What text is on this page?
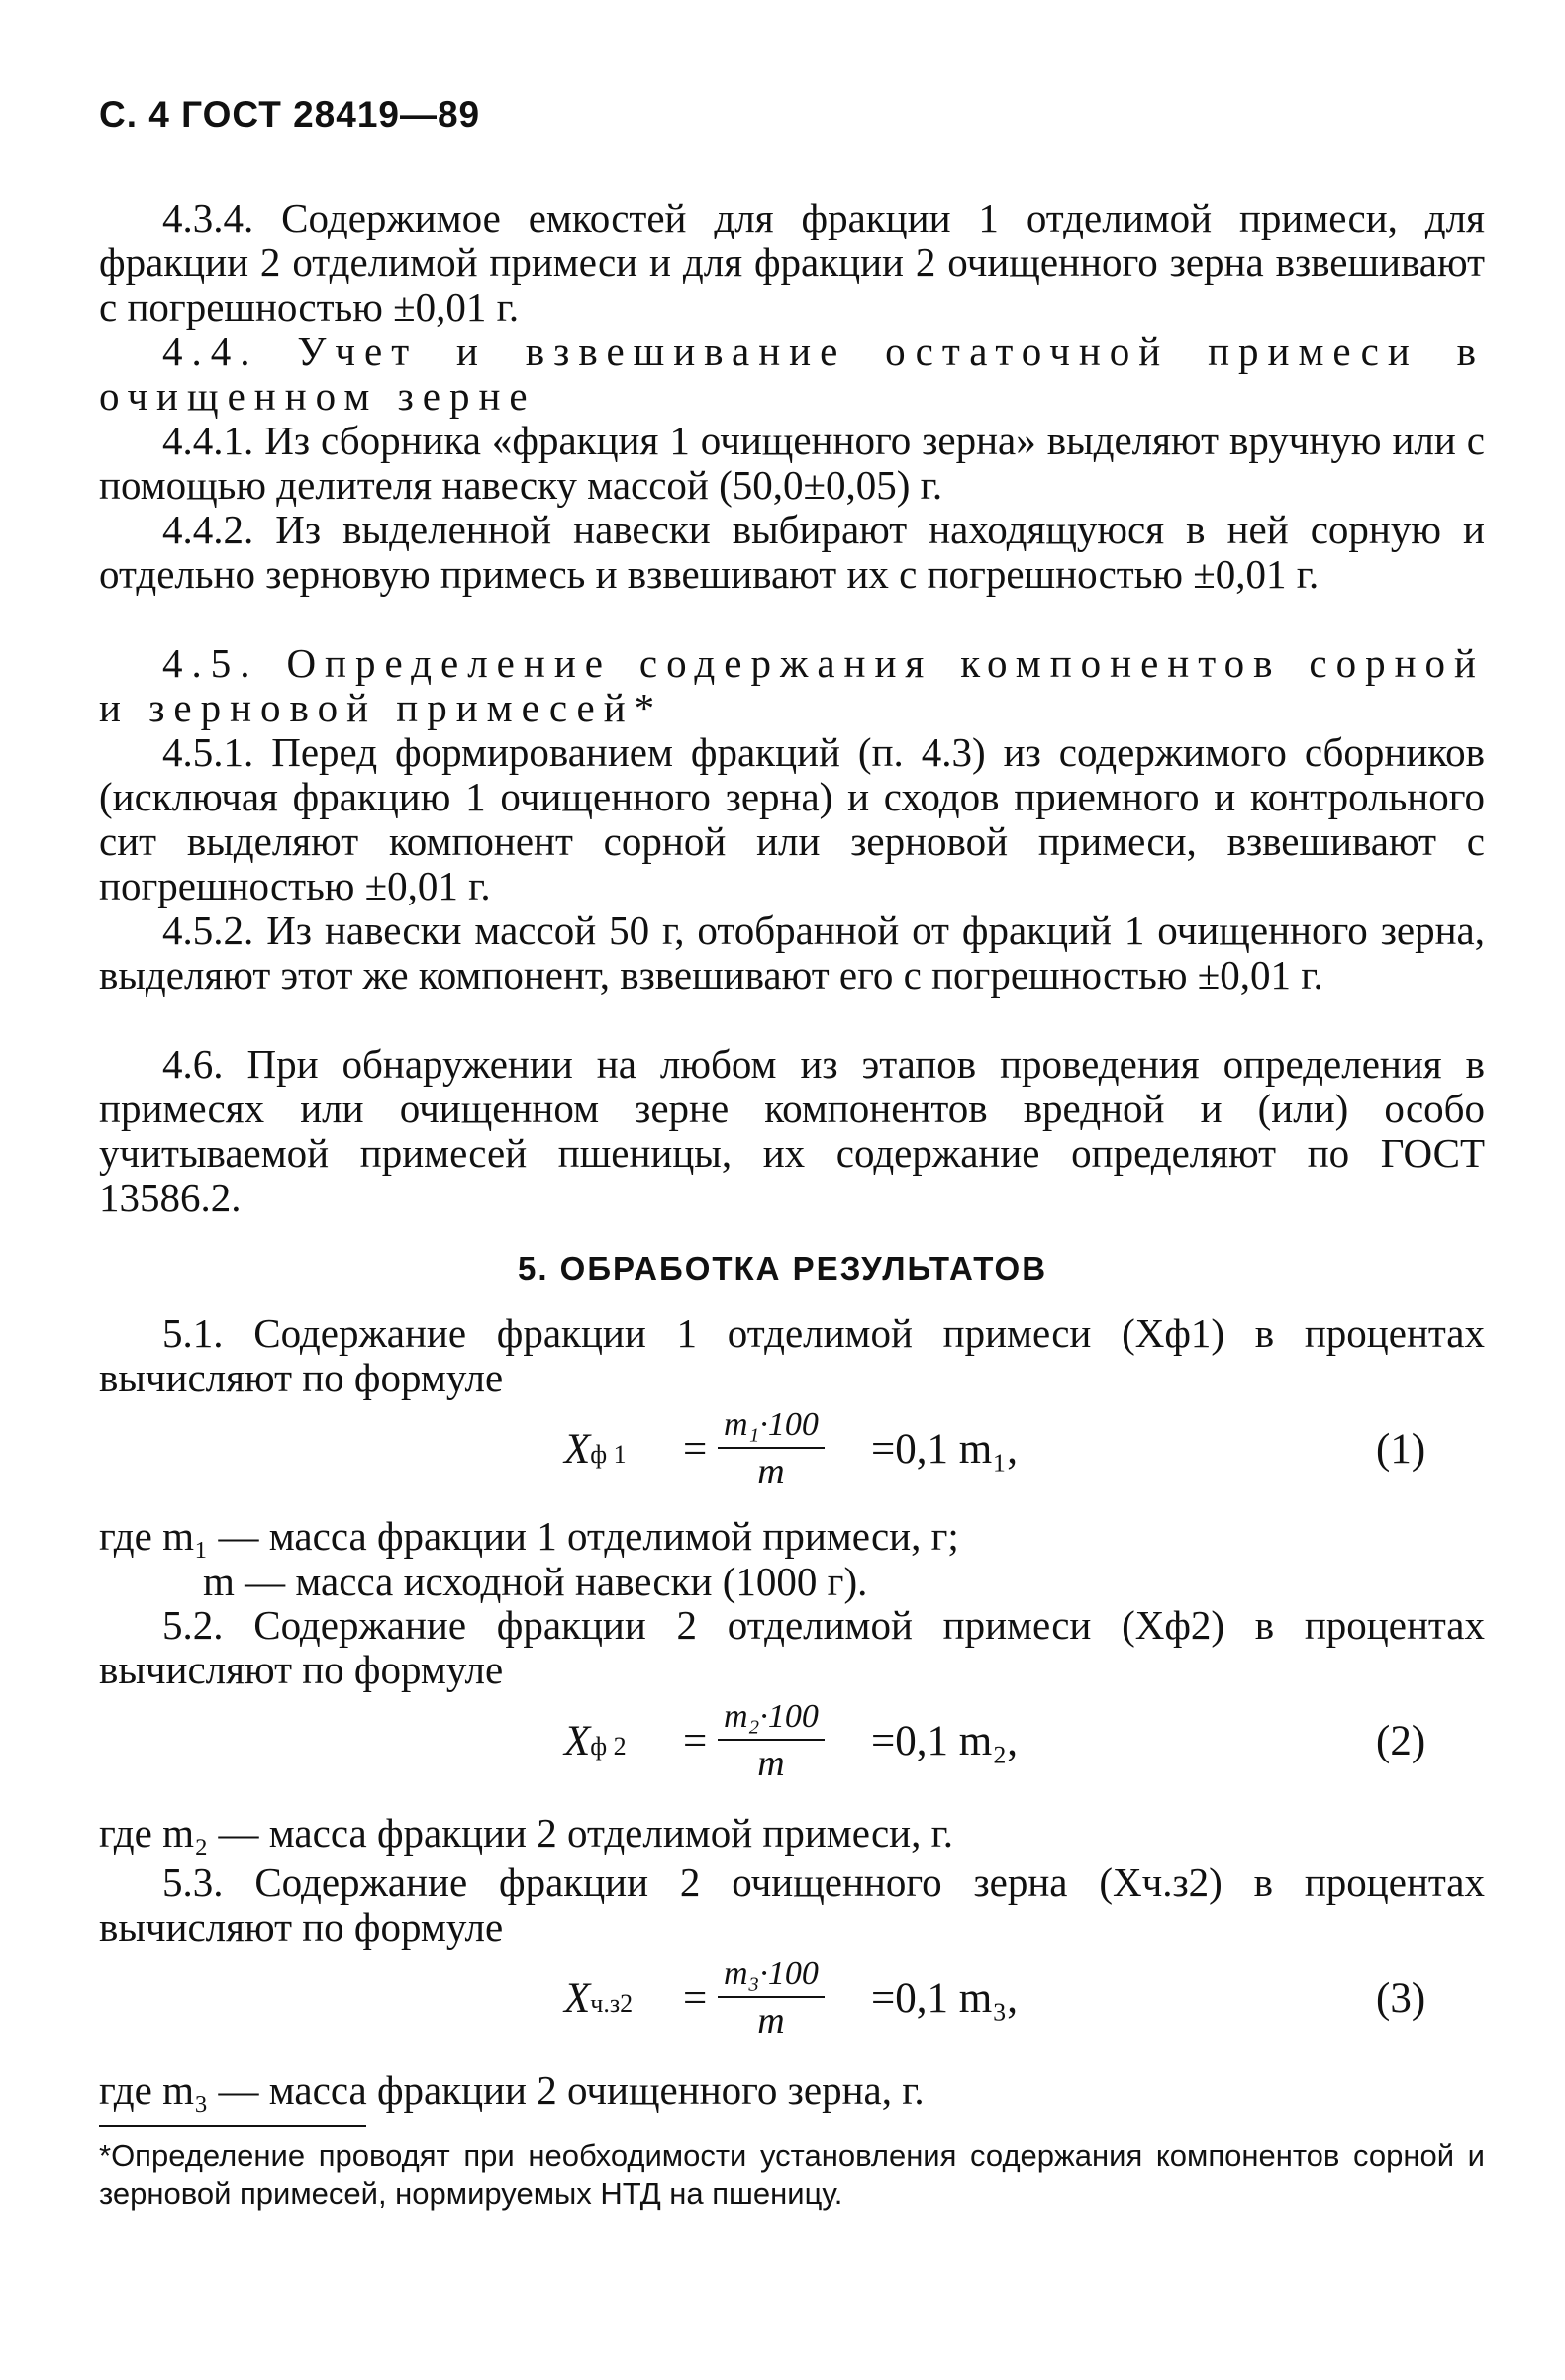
С. 4 ГОСТ 28419—89
4.3.4. Содержимое емкостей для фракции 1 отделимой примеси, для фракции 2 отделимой примеси и для фракции 2 очищенного зерна взвешивают с погрешностью ±0,01 г.
4.4. Учет и взвешивание остаточной примеси в очищенном зерне
4.4.1. Из сборника «фракция 1 очищенного зерна» выделяют вручную или с помощью делителя навеску массой (50,0±0,05) г.
4.4.2. Из выделенной навески выбирают находящуюся в ней сорную и отдельно зерновую примесь и взвешивают их с погрешностью ±0,01 г.
4.5. Определение содержания компонентов сорной и зерновой примесей*
4.5.1. Перед формированием фракций (п. 4.3) из содержимого сборников (исключая фракцию 1 очищенного зерна) и сходов приемного и контрольного сит выделяют компонент сорной или зерновой примеси, взвешивают с погрешностью ±0,01 г.
4.5.2. Из навески массой 50 г, отобранной от фракций 1 очищенного зерна, выделяют этот же компонент, взвешивают его с погрешностью ±0,01 г.
4.6. При обнаружении на любом из этапов проведения определения в примесях или очищенном зерне компонентов вредной и (или) особо учитываемой примесей пшеницы, их содержание определяют по ГОСТ 13586.2.
5. ОБРАБОТКА РЕЗУЛЬТАТОВ
5.1. Содержание фракции 1 отделимой примеси (Xф1) в процентах вычисляют по формуле
Xф $1 = \frac{\text{m₁·100}}{m} =0,1$ m₁,	(1)
где m₁ — масса фракции 1 отделимой примеси, г;
m — масса исходной навески (1000 г).
5.2. Содержание фракции 2 отделимой примеси (Xф2) в процентах вычисляют по формуле
Xф $2 = \frac{\text{m₂·100}}{m} =0,1$ m₂,	(2)
где m₂ — масса фракции 2 отделимой примеси, г.
5.3. Содержание фракции 2 очищенного зерна (Xч.з2) в процентах вычисляют по формуле
$Xч.з2 = \frac{\text{m₃·100}}{m} =0,1$ m₃,	(3)
где m₃ — масса фракции 2 очищенного зерна, г.
*Определение проводят при необходимости установления содержания компонентов сорной и зерновой примесей, нормируемых НТД на пшеницу.
